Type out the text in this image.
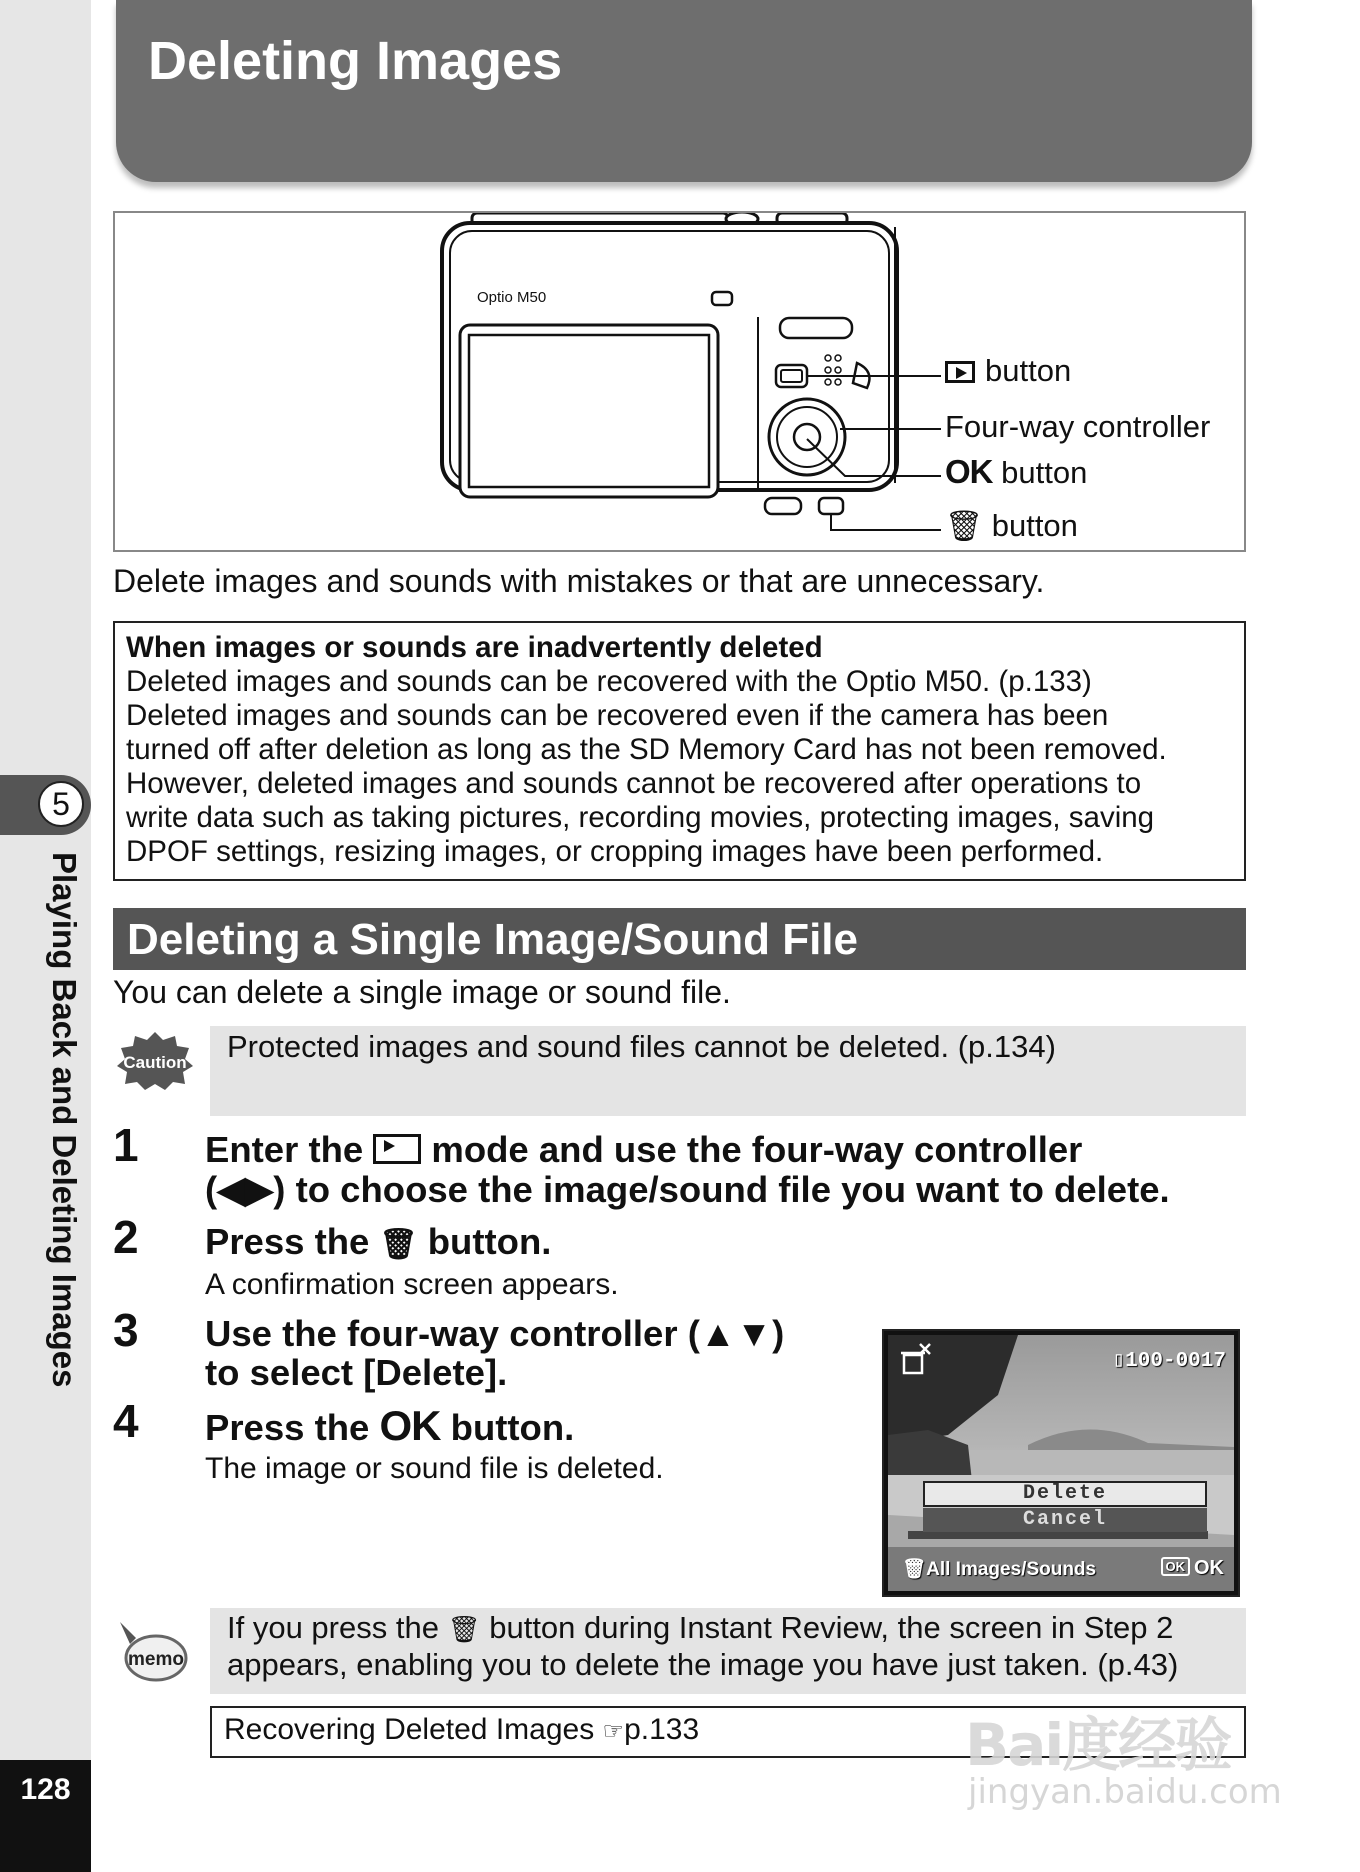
5
Playing Back and Deleting Images
128
Deleting Images
Optio M50
button
Four-way controller
OK button
🗑 button
Delete images and sounds with mistakes or that are unnecessary.
When images or sounds are inadvertently deleted
Deleted images and sounds can be recovered with the Optio M50. (p.133)
Deleted images and sounds can be recovered even if the camera has been
turned off after deletion as long as the SD Memory Card has not been removed.
However, deleted images and sounds cannot be recovered after operations to
write data such as taking pictures, recording movies, protecting images, saving
DPOF settings, resizing images, or cropping images have been performed.
Deleting a Single Image/Sound File
You can delete a single image or sound file.
Caution Protected images and sound files cannot be deleted. (p.134)
1 Enter the mode and use the four-way controller
(◀▶) to choose the image/sound file you want to delete.
2 Press the 🗑 button.
A confirmation screen appears.
3 Use the four-way controller (▲▼)
to select [Delete].
4 Press the OK button.
The image or sound file is deleted.
▯100-0017
Delete
Cancel
🗑All Images/Sounds	OK OK
memo
If you press the 🗑 button during Instant Review, the screen in Step 2
appears, enabling you to delete the image you have just taken. (p.43)
Recovering Deleted Images ☞p.133	Bai度经验
jingyan.baidu.com
